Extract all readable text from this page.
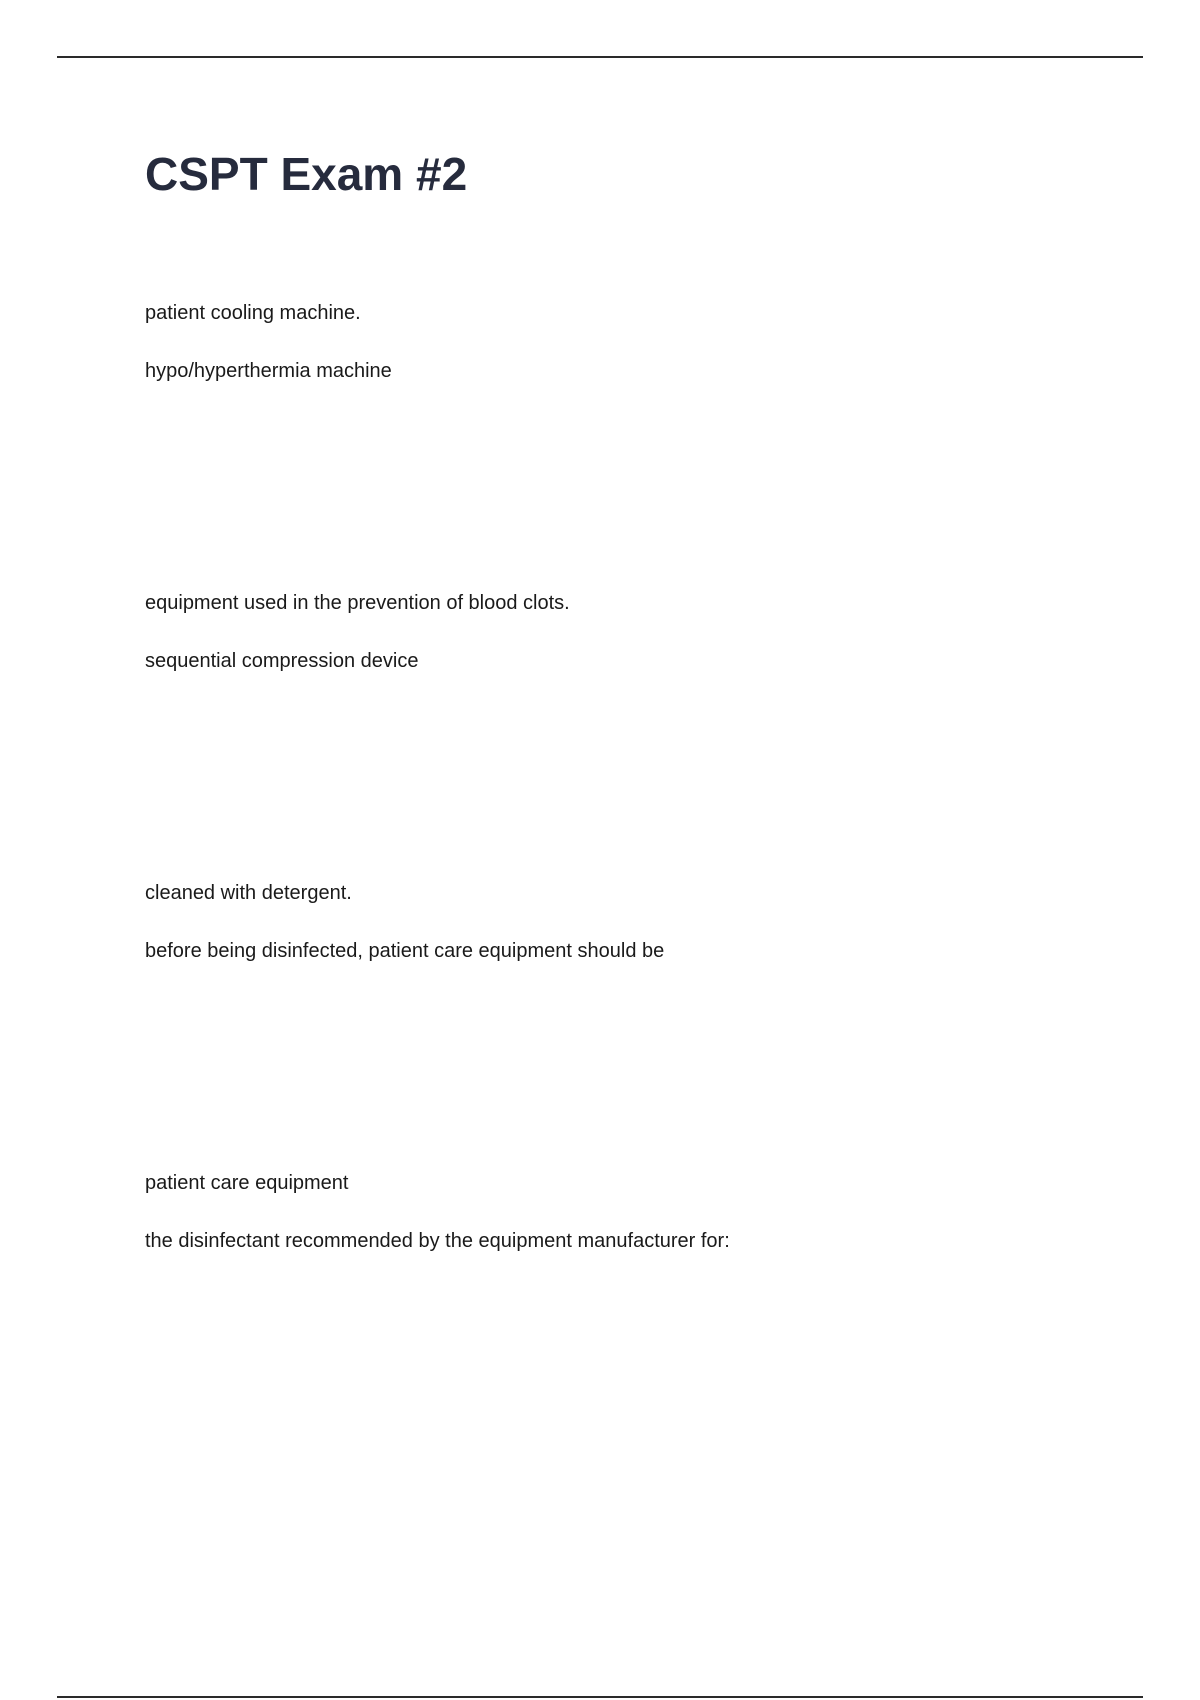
CSPT Exam #2
patient cooling machine.
hypo/hyperthermia machine
equipment used in the prevention of blood clots.
sequential compression device
cleaned with detergent.
before being disinfected, patient care equipment should be
patient care equipment
the disinfectant recommended by the equipment manufacturer for:
